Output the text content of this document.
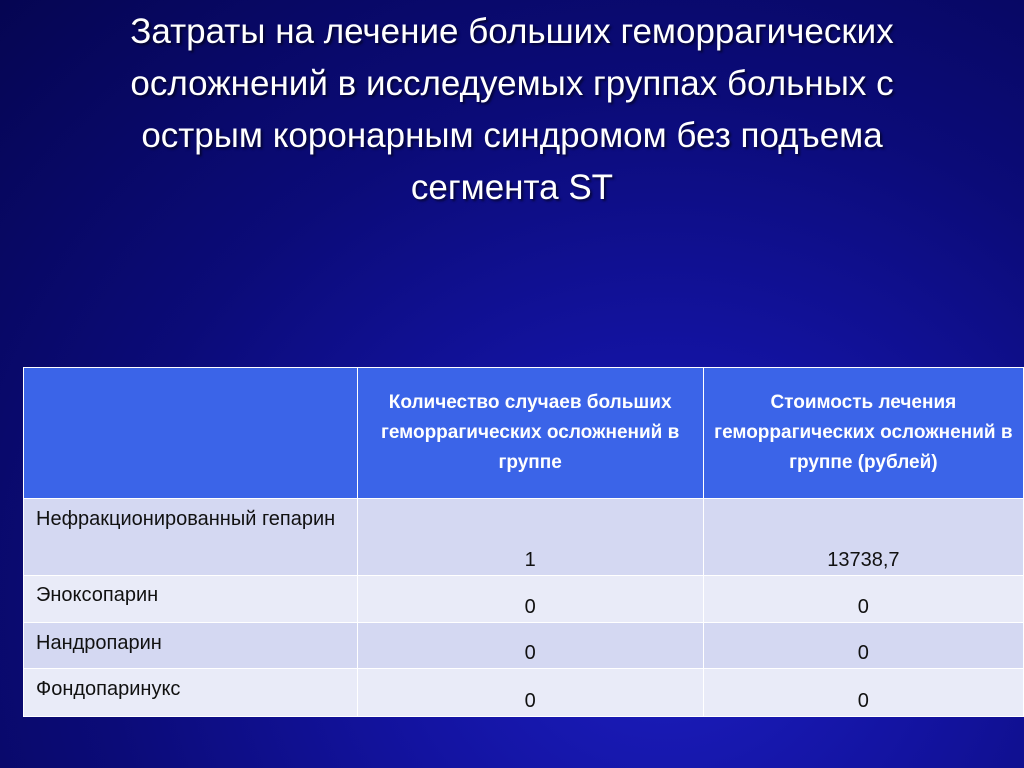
Затраты на лечение больших геморрагических
осложнений в исследуемых группах больных с
острым коронарным синдромом без подъема
сегмента ST
	Количество случаев больших геморрагических осложнений в группе	Стоимость лечения геморрагических осложнений в группе (рублей)
Нефракционированный гепарин	1	13738,7
Эноксопарин	0	0
Нандропарин	0	0
Фондопаринукс	0	0
